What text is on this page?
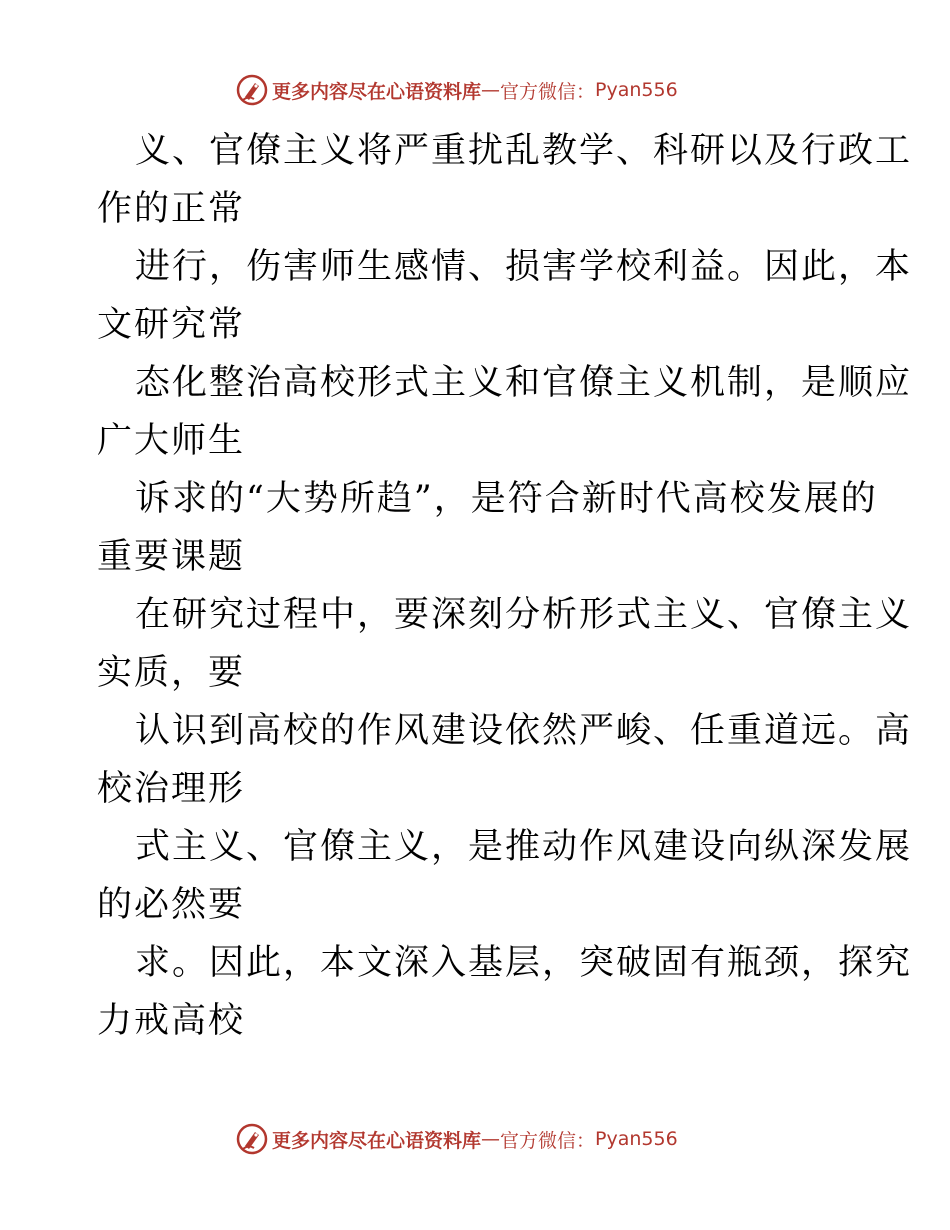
更多内容尽在心语资料库 — 官方微信： Pyan556
义、官僚主义将严重扰乱教学、科研以及行政工
作的正常
进行，伤害师生感情、损害学校利益。因此，本
文研究常
态化整治高校形式主义和官僚主义机制，是顺应
广大师生
诉求的“大势所趋”，是符合新时代高校发展的
重要课题
在研究过程中，要深刻分析形式主义、官僚主义
实质，要
认识到高校的作风建设依然严峻、任重道远。高
校治理形
式主义、官僚主义，是推动作风建设向纵深发展
的必然要
求。因此，本文深入基层，突破固有瓶颈，探究
力戒高校
更多内容尽在心语资料库 — 官方微信： Pyan556
